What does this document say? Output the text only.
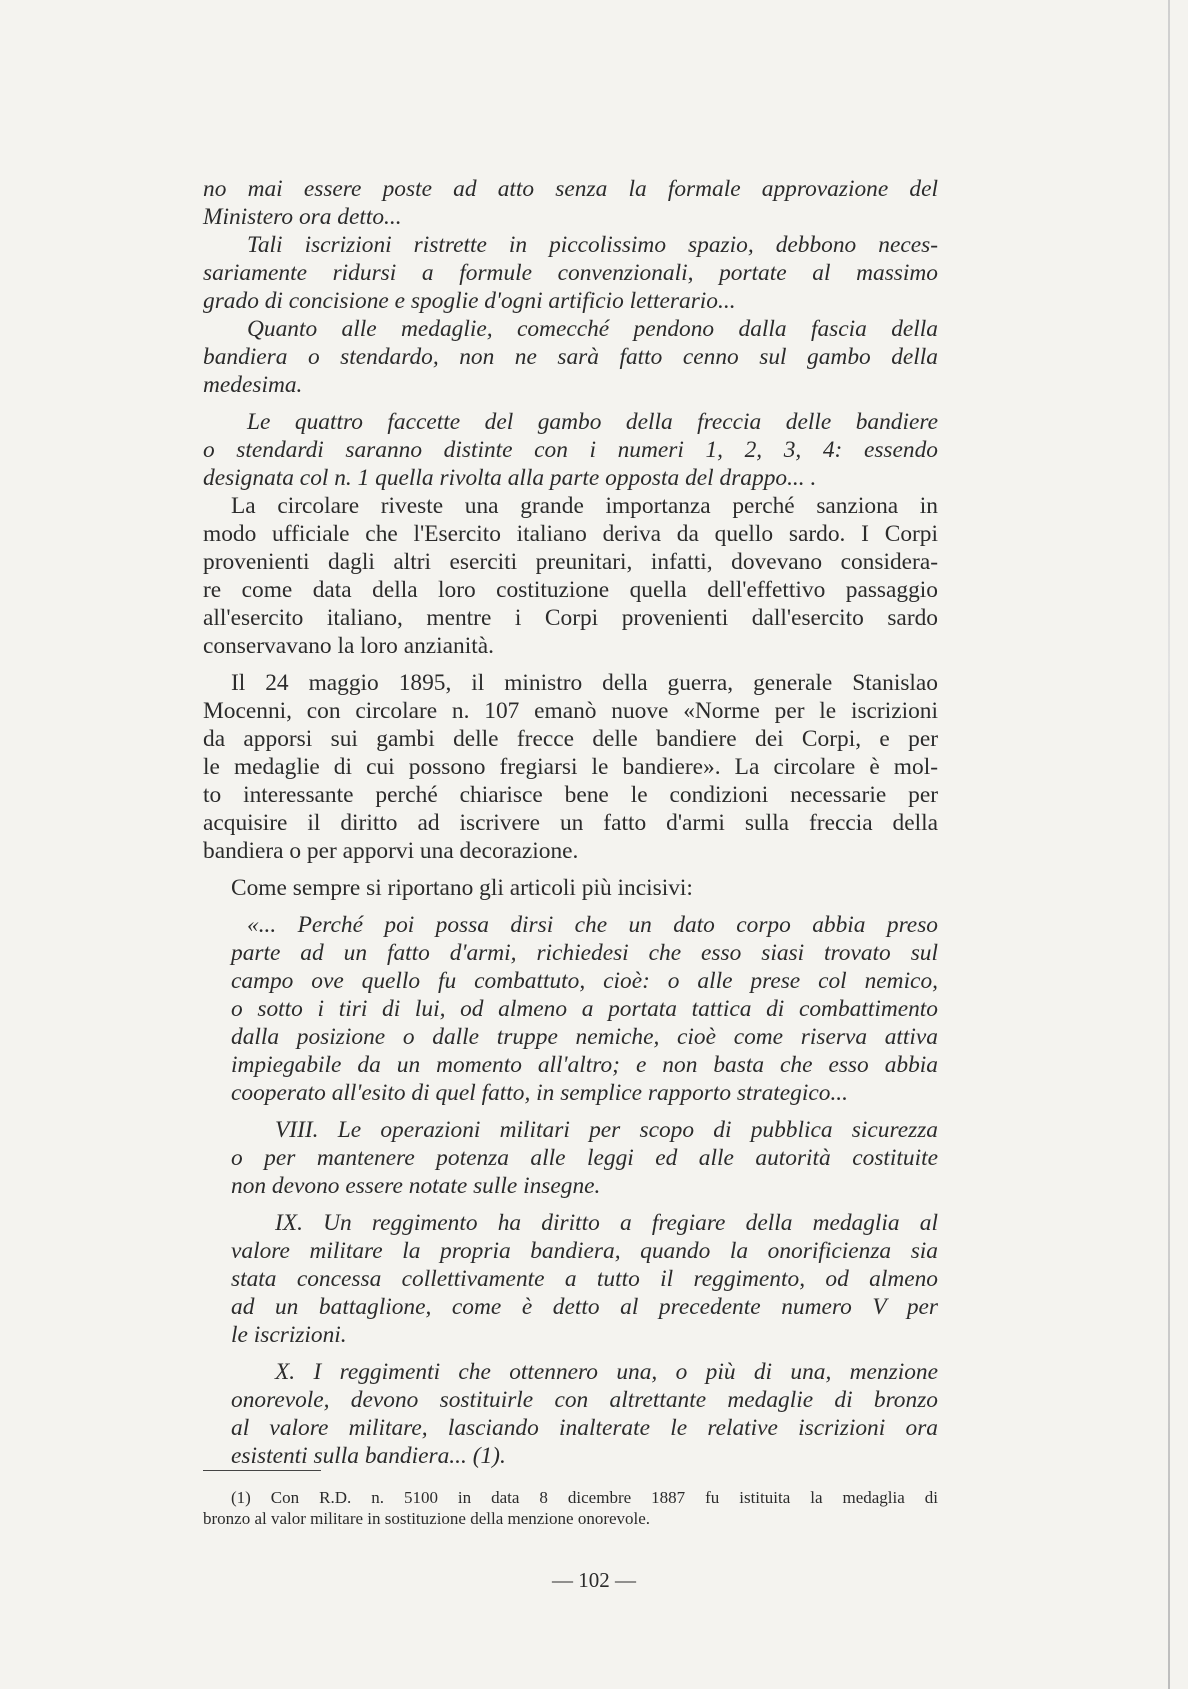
no mai essere poste ad atto senza la formale approvazione del
Ministero ora detto...
Tali iscrizioni ristrette in piccolissimo spazio, debbono neces-
sariamente ridursi a formule convenzionali, portate al massimo
grado di concisione e spoglie d'ogni artificio letterario...
Quanto alle medaglie, comecché pendono dalla fascia della
bandiera o stendardo, non ne sarà fatto cenno sul gambo della
medesima.
Le quattro faccette del gambo della freccia delle bandiere
o stendardi saranno distinte con i numeri 1, 2, 3, 4: essendo
designata col n. 1 quella rivolta alla parte opposta del drappo... .
La circolare riveste una grande importanza perché sanziona in
modo ufficiale che l'Esercito italiano deriva da quello sardo. I Corpi
provenienti dagli altri eserciti preunitari, infatti, dovevano considera-
re come data della loro costituzione quella dell'effettivo passaggio
all'esercito italiano, mentre i Corpi provenienti dall'esercito sardo
conservavano la loro anzianità.
Il 24 maggio 1895, il ministro della guerra, generale Stanislao
Mocenni, con circolare n. 107 emanò nuove «Norme per le iscrizioni
da apporsi sui gambi delle frecce delle bandiere dei Corpi, e per
le medaglie di cui possono fregiarsi le bandiere». La circolare è mol-
to interessante perché chiarisce bene le condizioni necessarie per
acquisire il diritto ad iscrivere un fatto d'armi sulla freccia della
bandiera o per apporvi una decorazione.
Come sempre si riportano gli articoli più incisivi:
«... Perché poi possa dirsi che un dato corpo abbia preso
parte ad un fatto d'armi, richiedesi che esso siasi trovato sul
campo ove quello fu combattuto, cioè: o alle prese col nemico,
o sotto i tiri di lui, od almeno a portata tattica di combattimento
dalla posizione o dalle truppe nemiche, cioè come riserva attiva
impiegabile da un momento all'altro; e non basta che esso abbia
cooperato all'esito di quel fatto, in semplice rapporto strategico...
VIII. Le operazioni militari per scopo di pubblica sicurezza
o per mantenere potenza alle leggi ed alle autorità costituite
non devono essere notate sulle insegne.
IX. Un reggimento ha diritto a fregiare della medaglia al
valore militare la propria bandiera, quando la onorificienza sia
stata concessa collettivamente a tutto il reggimento, od almeno
ad un battaglione, come è detto al precedente numero V per
le iscrizioni.
X. I reggimenti che ottennero una, o più di una, menzione
onorevole, devono sostituirle con altrettante medaglie di bronzo
al valore militare, lasciando inalterate le relative iscrizioni ora
esistenti sulla bandiera... (1).
(1) Con R.D. n. 5100 in data 8 dicembre 1887 fu istituita la medaglia di
bronzo al valor militare in sostituzione della menzione onorevole.
— 102 —
